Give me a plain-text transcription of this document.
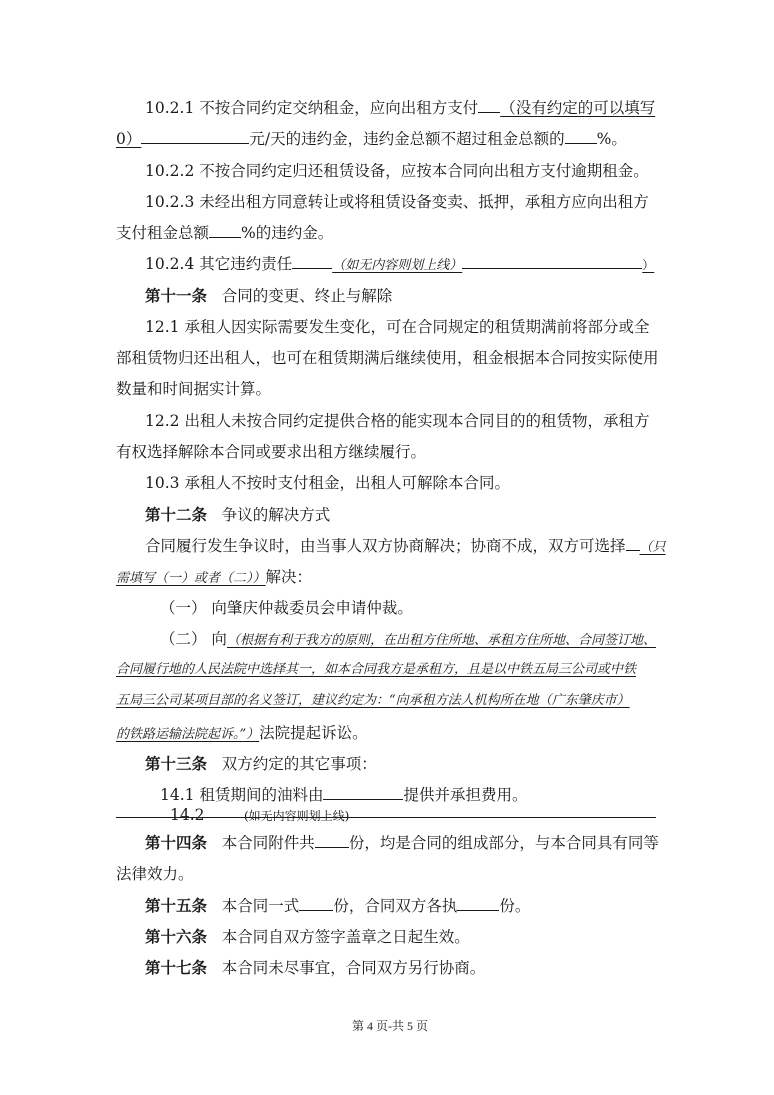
10.2.1 不按合同约定交纳租金，应向出租方支付 （没有约定的可以填写
0）	元/天的违约金，违约金总额不超过租金总额的 %。
10.2.2 不按合同约定归还租赁设备，应按本合同向出租方支付逾期租金。
10.2.3 未经出租方同意转让或将租赁设备变卖、抵押，承租方应向出租方
支付租金总额 %的违约金。
10.2.4 其它违约责任	（如无内容则划上线）	）
第十一条 合同的变更、终止与解除
12.1 承租人因实际需要发生变化，可在合同规定的租赁期满前将部分或全
部租赁物归还出租人，也可在租赁期满后继续使用，租金根据本合同按实际使用
数量和时间据实计算。
12.2 出租人未按合同约定提供合格的能实现本合同目的的租赁物，承租方
有权选择解除本合同或要求出租方继续履行。
10.3 承租人不按时支付租金，出租人可解除本合同。
第十二条 争议的解决方式
合同履行发生争议时，由当事人双方协商解决；协商不成，双方可选择 （只
需填写（一）或者（二））解决：
（一） 向肇庆仲裁委员会申请仲裁。
（二） 向（根据有利于我方的原则，在出租方住所地、承租方住所地、合同签订地、
合同履行地的人民法院中选择其一，如本合同我方是承租方，且是以中铁五局三公司或中铁
五局三公司某项目部的名义签订，建议约定为：“向承租方法人机构所在地（广东肇庆市）
的铁路运输法院起诉。”）法院提起诉讼。
第十三条 双方约定的其它事项：
14.1 租赁期间的油料由	提供并承担费用。
14.2	(如无内容则划上线)
第十四条 本合同附件共 份，均是合同的组成部分，与本合同具有同等
法律效力。
第十五条 本合同一式 份，合同双方各执	份。
第十六条 本合同自双方签字盖章之日起生效。
第十七条 本合同未尽事宜，合同双方另行协商。
第 4 页-共 5 页
